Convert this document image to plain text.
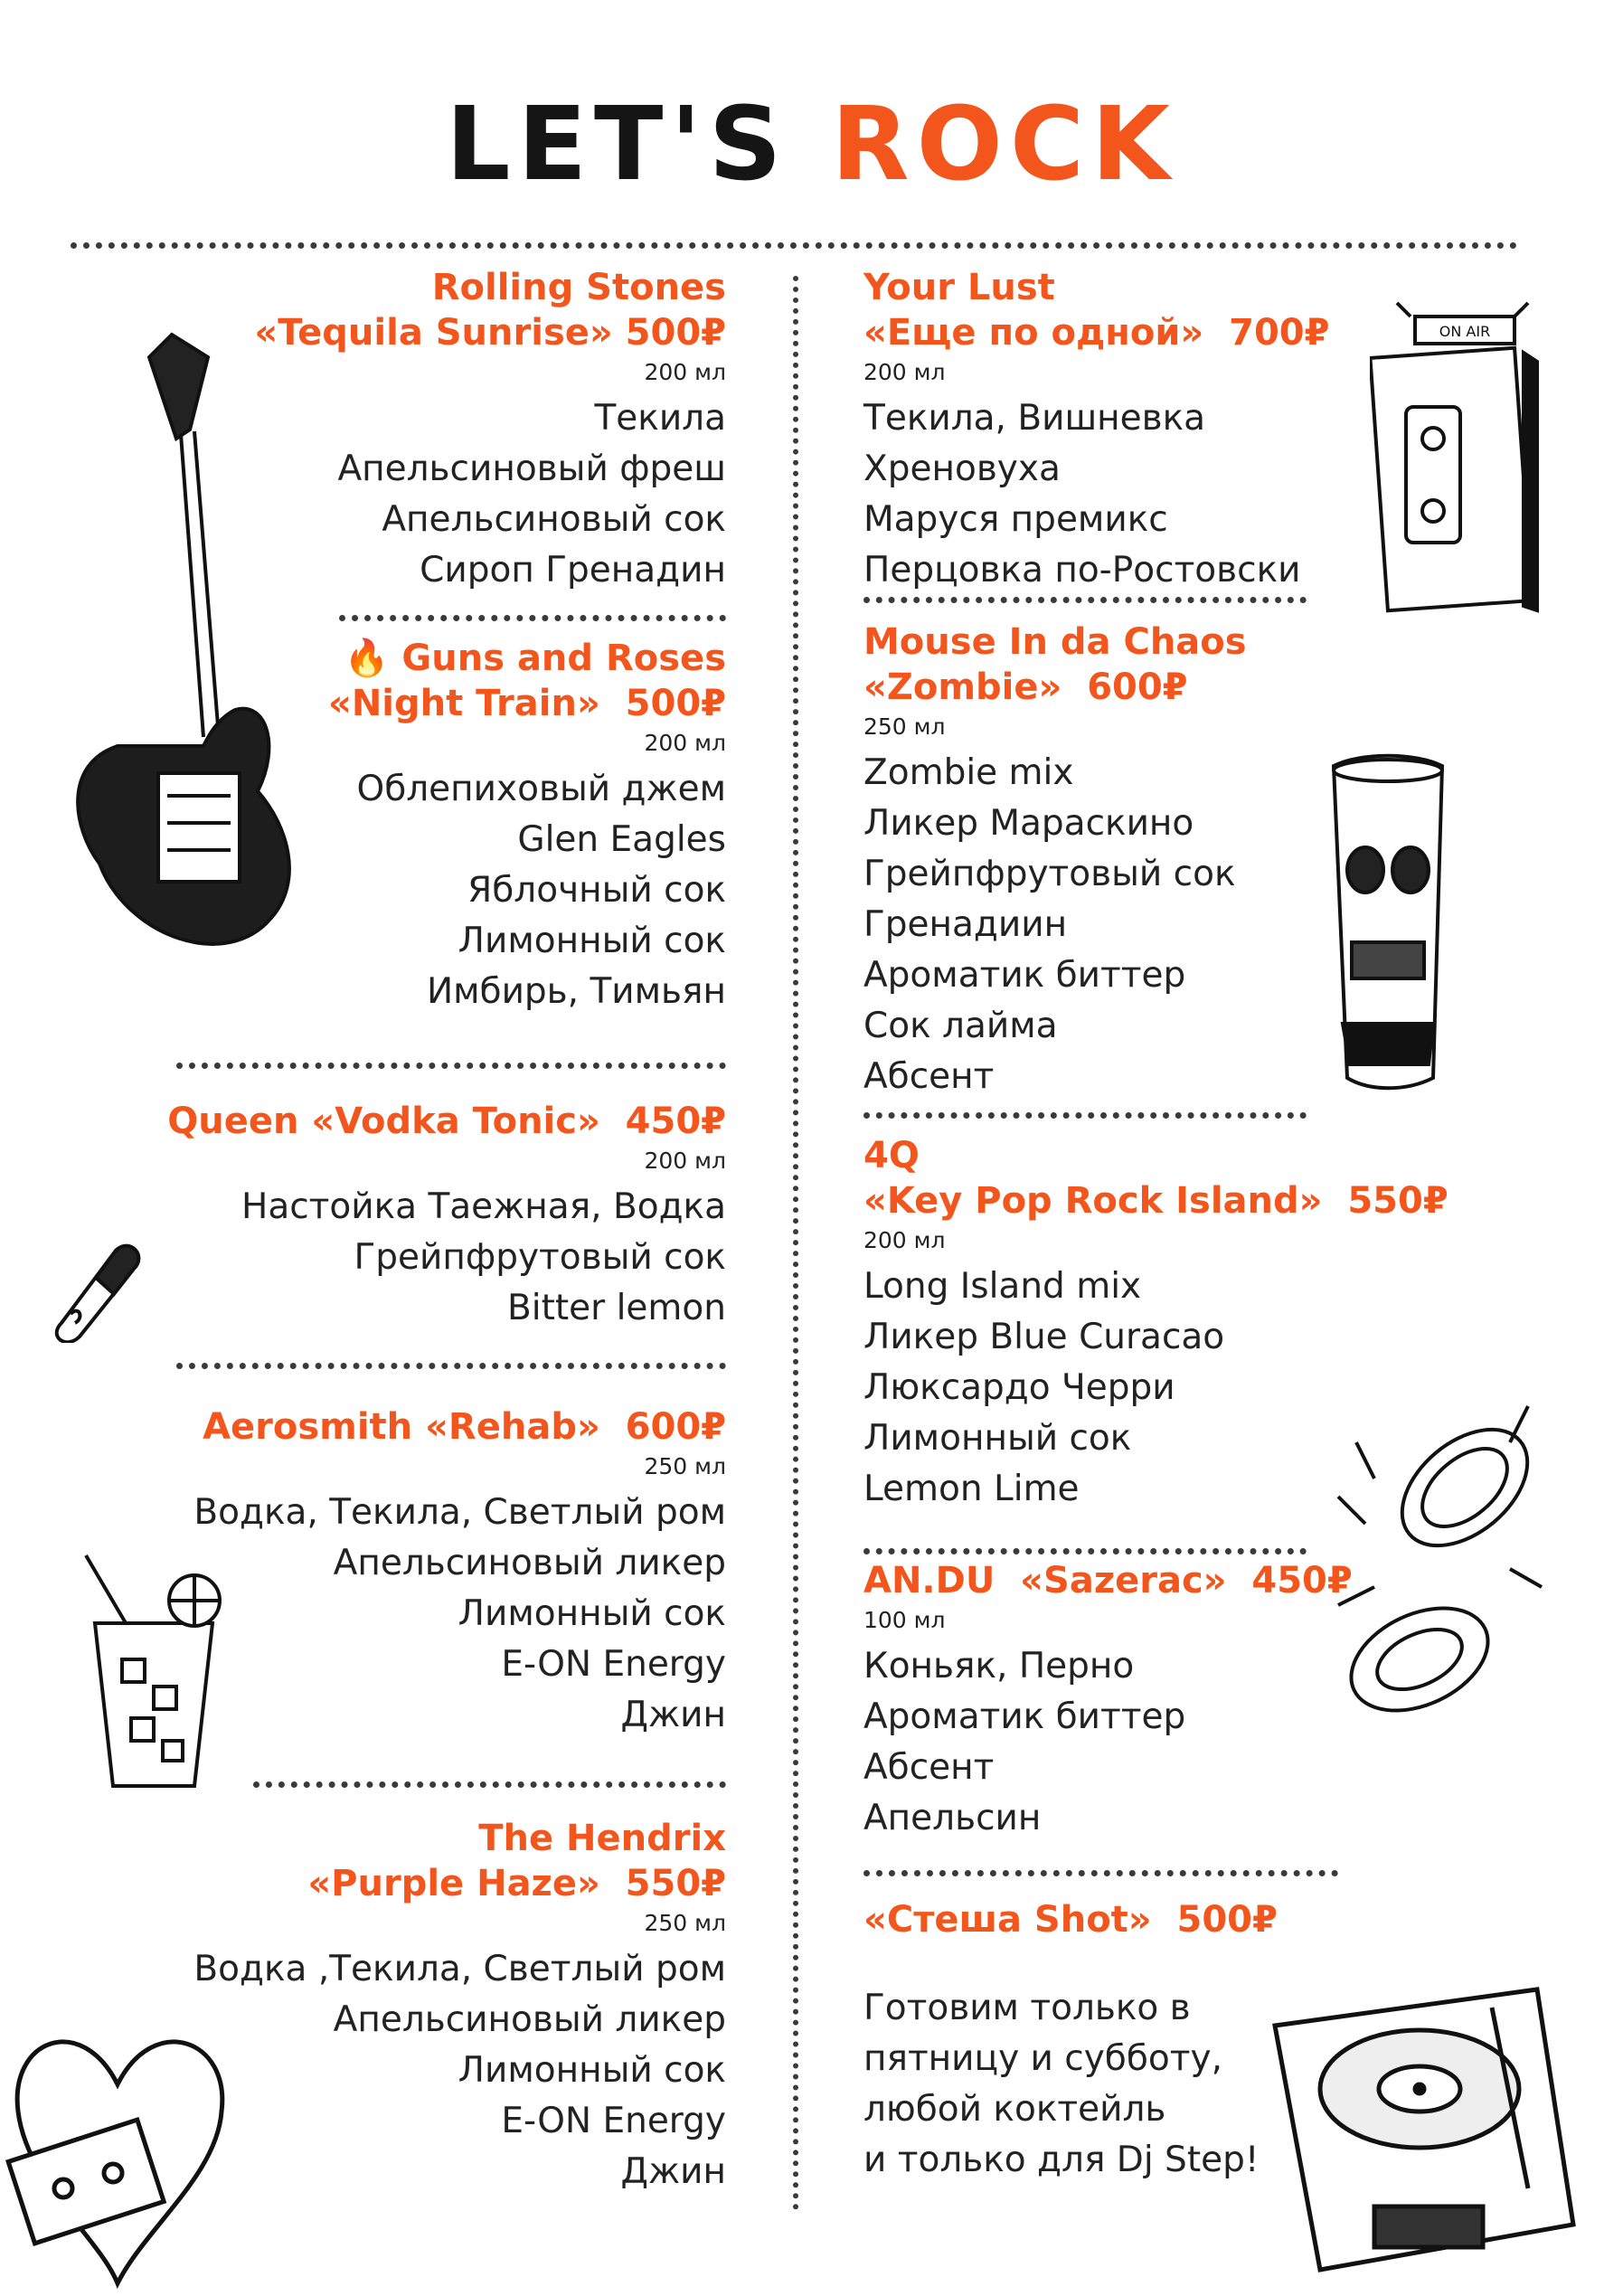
LET'S ROCK

Rolling Stones

«Tequila Sunrise» 500₽

200 мл

Текила

Апельсиновый фреш

Апельсиновый сок

Сироп Гренадин

🔥 Guns and Roses

«Night Train» 500₽

200 мл

Облепиховый джем

Glen Eagles

Яблочный сок

Лимонный сок

Имбирь, Тимьян

Queen «Vodka Tonic» 450₽

200 мл

Настойка Таежная, Водка

Грейпфрутовый сок

Bitter lemon

Aerosmith «Rehab» 600₽

250 мл

Водка, Текила, Светлый ром

Апельсиновый ликер

Лимонный сок

E-ON Energy

Джин

The Hendrix

«Purple Haze» 550₽

250 мл

Водка ,Текила, Светлый ром

Апельсиновый ликер

Лимонный сок

E-ON Energy

Джин

Your Lust

«Еще по одной» 700₽

200 мл

Текила, Вишневка

Хреновуха

Маруся премикс

Перцовка по-Ростовски

Mouse In da Chaos

«Zombie» 600₽

250 мл

Zombie mix

Ликер Мараскино

Грейпфрутовый сок

Гренадиин

Ароматик биттер

Сок лайма

Абсент

4Q

«Key Pop Rock Island» 550₽

200 мл

Long Island mix

Ликер Blue Curacao

Люксардо Черри

Лимонный сок

Lemon Lime

AN.DU «Sazerac» 450₽

100 мл

Коньяк, Перно

Ароматик биттер

Абсент

Апельсин

«Стеша Shot» 500₽

Готовим только в

пятницу и субботу,

любой коктейль

и только для Dj Step!

ON AIR
